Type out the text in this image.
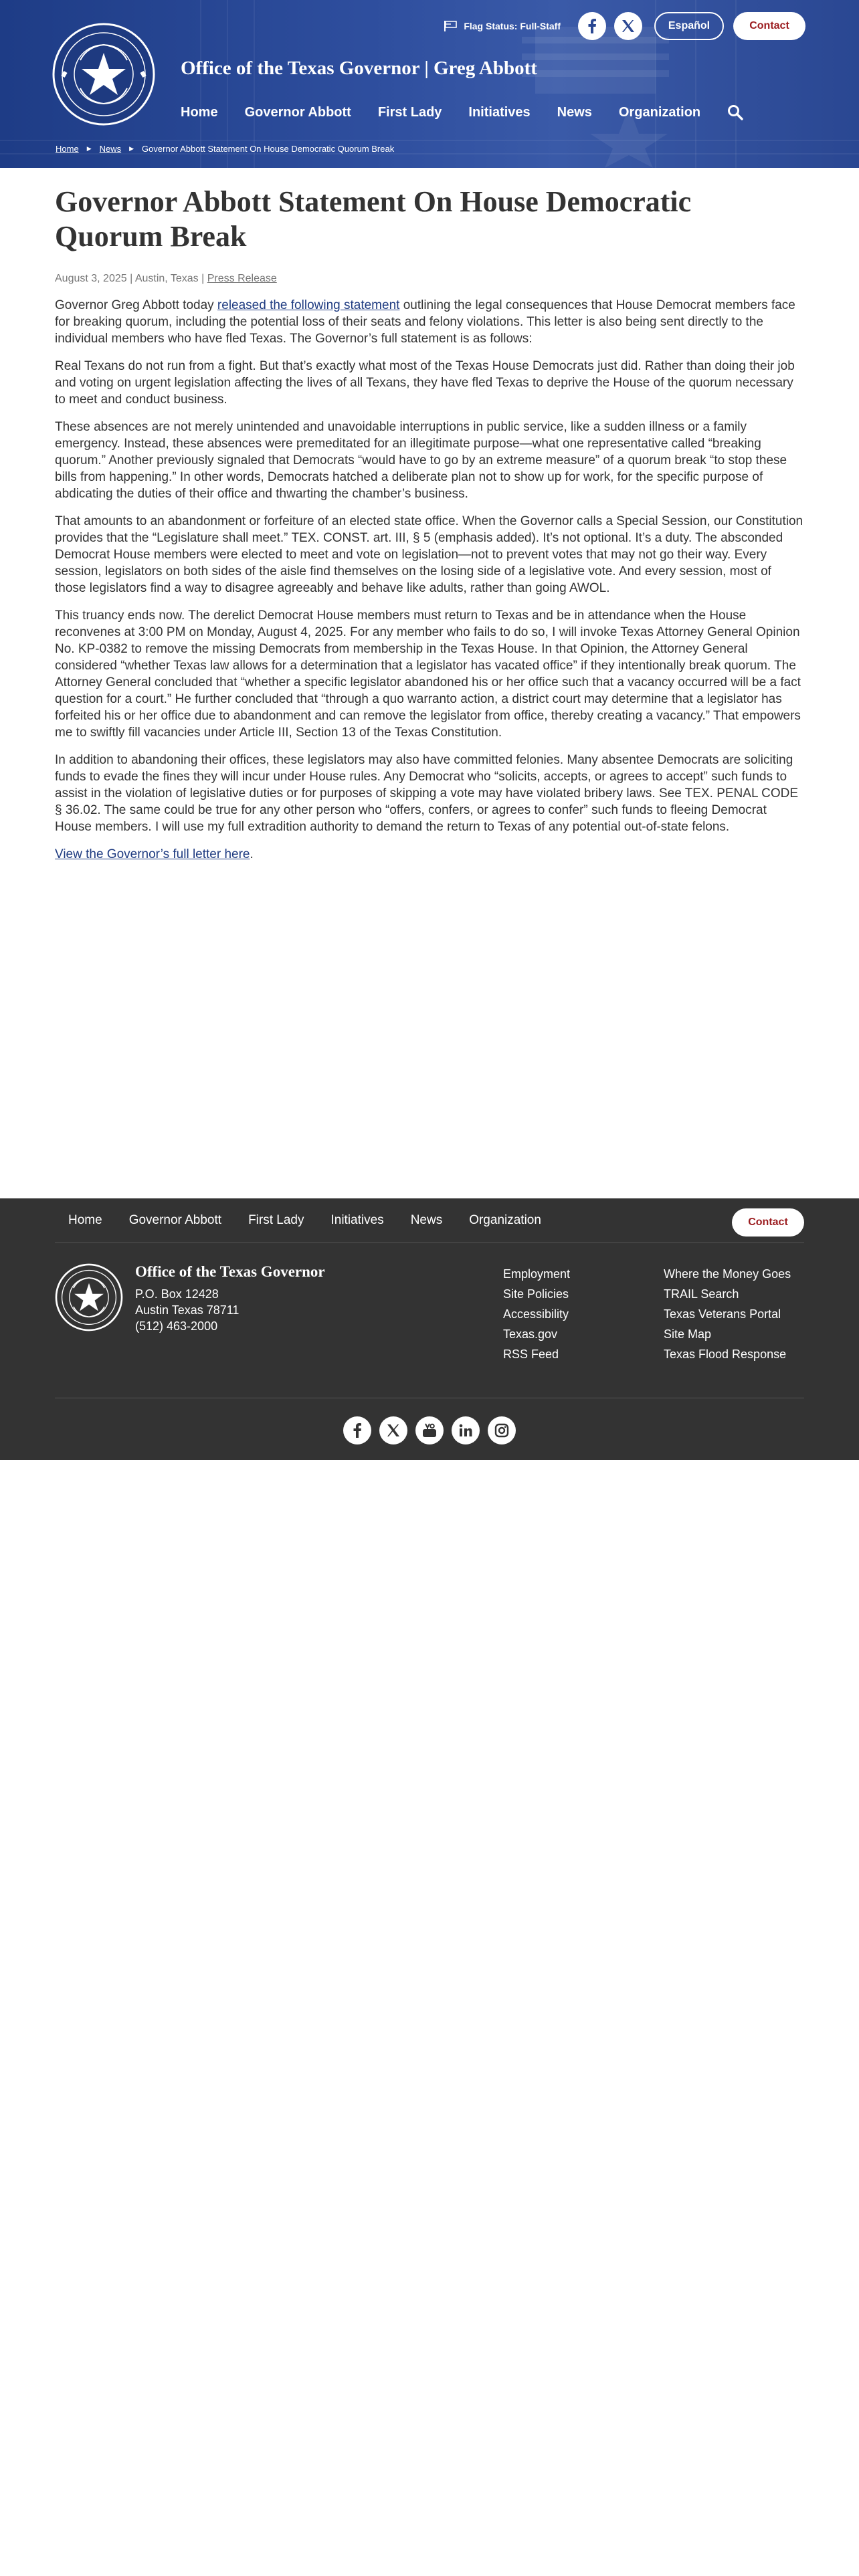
Office of the Texas Governor | Greg Abbott
Flag Status: Full-Staff	Español	Contact
Home Governor Abbott First Lady Initiatives News Organization
Home ▶ News ▶ Governor Abbott Statement On House Democratic Quorum Break
Governor Abbott Statement On House Democratic Quorum Break
August 3, 2025 | Austin, Texas | Press Release

Governor Greg Abbott today released the following statement outlining the legal consequences that House Democrat members face for breaking quorum, including the potential loss of their seats and felony violations. This letter is also being sent directly to the individual members who have fled Texas. The Governor’s full statement is as follows:

Real Texans do not run from a fight. But that’s exactly what most of the Texas House Democrats just did. Rather than doing their job and voting on urgent legislation affecting the lives of all Texans, they have fled Texas to deprive the House of the quorum necessary to meet and conduct business.

These absences are not merely unintended and unavoidable interruptions in public service, like a sudden illness or a family emergency. Instead, these absences were premeditated for an illegitimate purpose—what one representative called “breaking quorum.” Another previously signaled that Democrats “would have to go by an extreme measure” of a quorum break “to stop these bills from happening.” In other words, Democrats hatched a deliberate plan not to show up for work, for the specific purpose of abdicating the duties of their office and thwarting the chamber’s business.

That amounts to an abandonment or forfeiture of an elected state office. When the Governor calls a Special Session, our Constitution provides that the “Legislature shall meet.” TEX. CONST. art. III, § 5 (emphasis added). It’s not optional. It’s a duty. The absconded Democrat House members were elected to meet and vote on legislation—not to prevent votes that may not go their way. Every session, legislators on both sides of the aisle find themselves on the losing side of a legislative vote. And every session, most of those legislators find a way to disagree agreeably and behave like adults, rather than going AWOL.

This truancy ends now. The derelict Democrat House members must return to Texas and be in attendance when the House reconvenes at 3:00 PM on Monday, August 4, 2025. For any member who fails to do so, I will invoke Texas Attorney General Opinion No. KP-0382 to remove the missing Democrats from membership in the Texas House. In that Opinion, the Attorney General considered “whether Texas law allows for a determination that a legislator has vacated office” if they intentionally break quorum. The Attorney General concluded that “whether a specific legislator abandoned his or her office such that a vacancy occurred will be a fact question for a court.” He further concluded that “through a quo warranto action, a district court may determine that a legislator has forfeited his or her office due to abandonment and can remove the legislator from office, thereby creating a vacancy.” That empowers me to swiftly fill vacancies under Article III, Section 13 of the Texas Constitution.

In addition to abandoning their offices, these legislators may also have committed felonies. Many absentee Democrats are soliciting funds to evade the fines they will incur under House rules. Any Democrat who “solicits, accepts, or agrees to accept” such funds to assist in the violation of legislative duties or for purposes of skipping a vote may have violated bribery laws. See TEX. PENAL CODE § 36.02. The same could be true for any other person who “offers, confers, or agrees to confer” such funds to fleeing Democrat House members. I will use my full extradition authority to demand the return to Texas of any potential out-of-state felons.

View the Governor’s full letter here.

Home	Governor Abbott	First Lady	Initiatives	News	Organization	Contact
Office of the Texas Governor
P.O. Box 12428
Austin Texas 78711
(512) 463-2000
Employment
Site Policies
Accessibility
Texas.gov
RSS Feed
Where the Money Goes
TRAIL Search
Texas Veterans Portal
Site Map
Texas Flood Response
